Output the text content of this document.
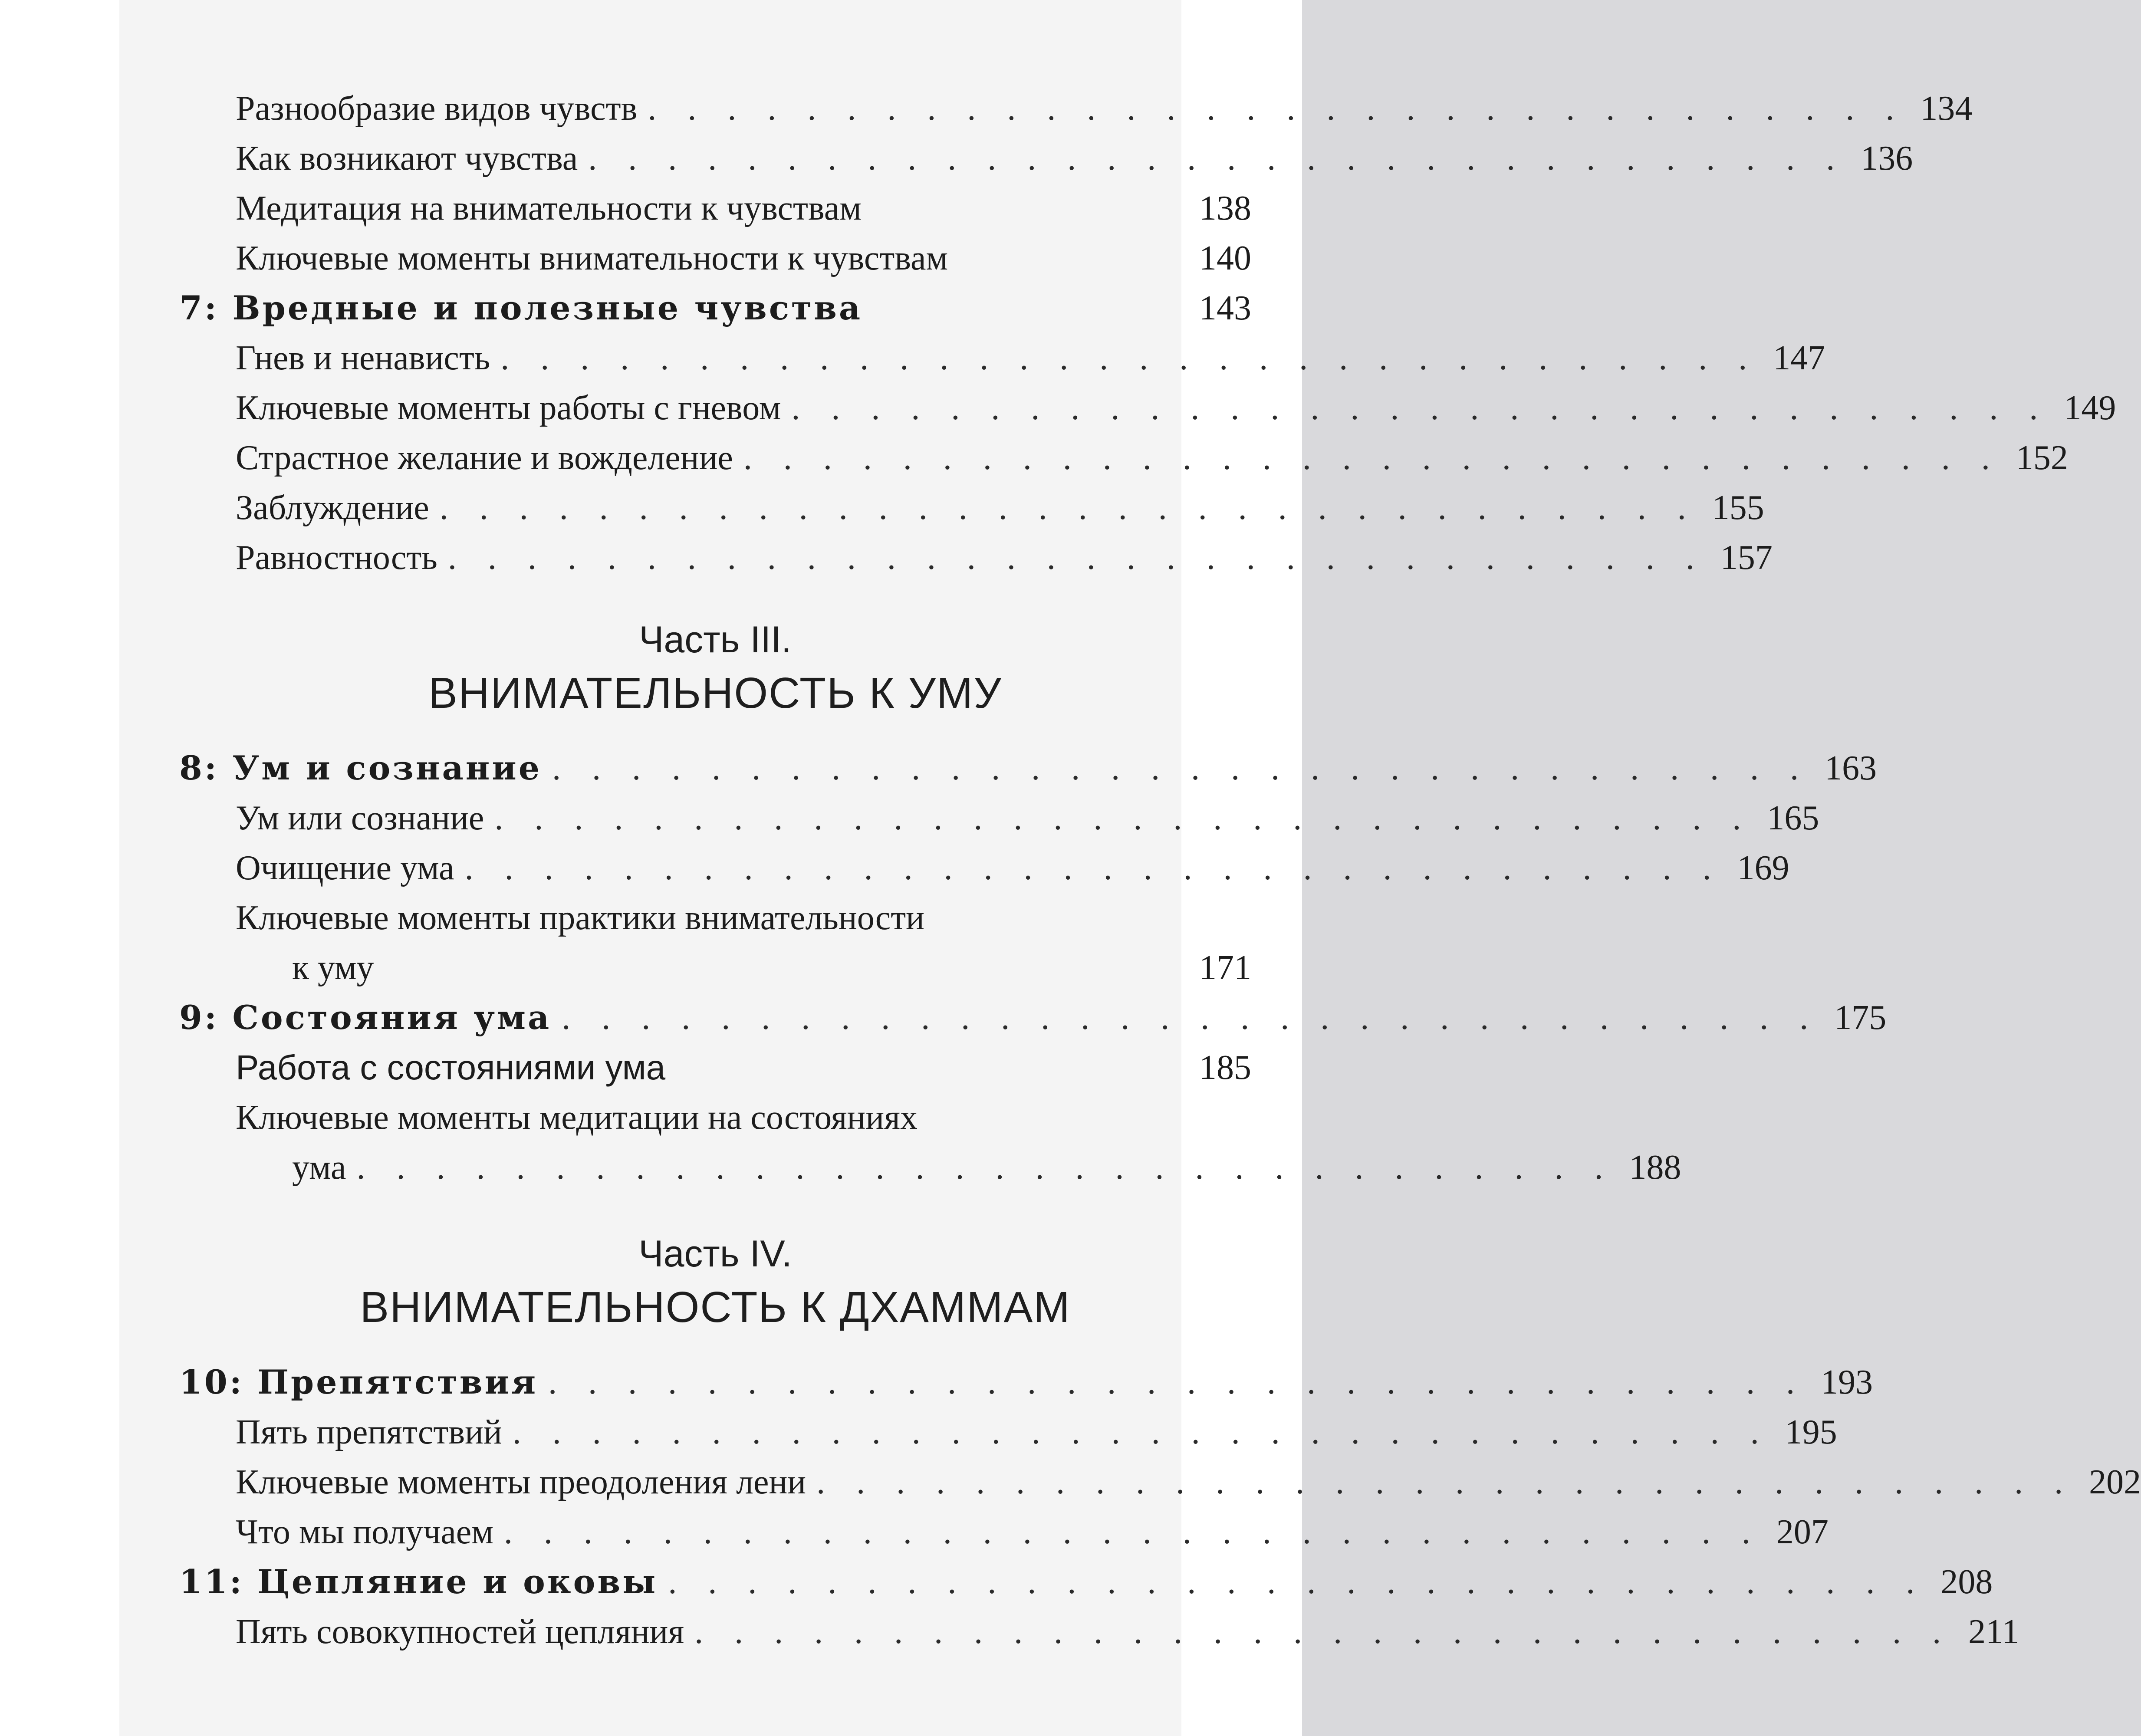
Разнообразие видов чувств . . . . . . . . . . . . . . . . . . . . . . . . . . . . . . . . 134
Как возникают чувства . . . . . . . . . . . . . . . . . . . . . . . . . . . . . . . . 136
Медитация на внимательности к чувствам	138
Ключевые моменты внимательности к чувствам	140
7: Вредные и полезные чувства	143
Гнев и ненависть . . . . . . . . . . . . . . . . . . . . . . . . . . . . . . . . 147
Ключевые моменты работы с гневом . . . . . . . . . . . . . . . . . . . . . . . . . . . . . . . . 149
Страстное желание и вожделение . . . . . . . . . . . . . . . . . . . . . . . . . . . . . . . . 152
Заблуждение . . . . . . . . . . . . . . . . . . . . . . . . . . . . . . . . 155
Равностность . . . . . . . . . . . . . . . . . . . . . . . . . . . . . . . . 157
Часть III.
ВНИМАТЕЛЬНОСТЬ К УМУ
8: Ум и сознание . . . . . . . . . . . . . . . . . . . . . . . . . . . . . . . . 163
Ум или сознание . . . . . . . . . . . . . . . . . . . . . . . . . . . . . . . . 165
Очищение ума . . . . . . . . . . . . . . . . . . . . . . . . . . . . . . . . 169
Ключевые моменты практики внимательности
к уму	171
9: Состояния ума . . . . . . . . . . . . . . . . . . . . . . . . . . . . . . . . 175
Работа с состояниями ума	185
Ключевые моменты медитации на состояниях
ума . . . . . . . . . . . . . . . . . . . . . . . . . . . . . . . . 188
Часть IV.
ВНИМАТЕЛЬНОСТЬ К ДХАММАМ
10: Препятствия . . . . . . . . . . . . . . . . . . . . . . . . . . . . . . . . 193
Пять препятствий . . . . . . . . . . . . . . . . . . . . . . . . . . . . . . . . 195
Ключевые моменты преодоления лени . . . . . . . . . . . . . . . . . . . . . . . . . . . . . . . . 202
Что мы получаем . . . . . . . . . . . . . . . . . . . . . . . . . . . . . . . . 207
11: Цепляние и оковы . . . . . . . . . . . . . . . . . . . . . . . . . . . . . . . . 208
Пять совокупностей цепляния . . . . . . . . . . . . . . . . . . . . . . . . . . . . . . . . 211
